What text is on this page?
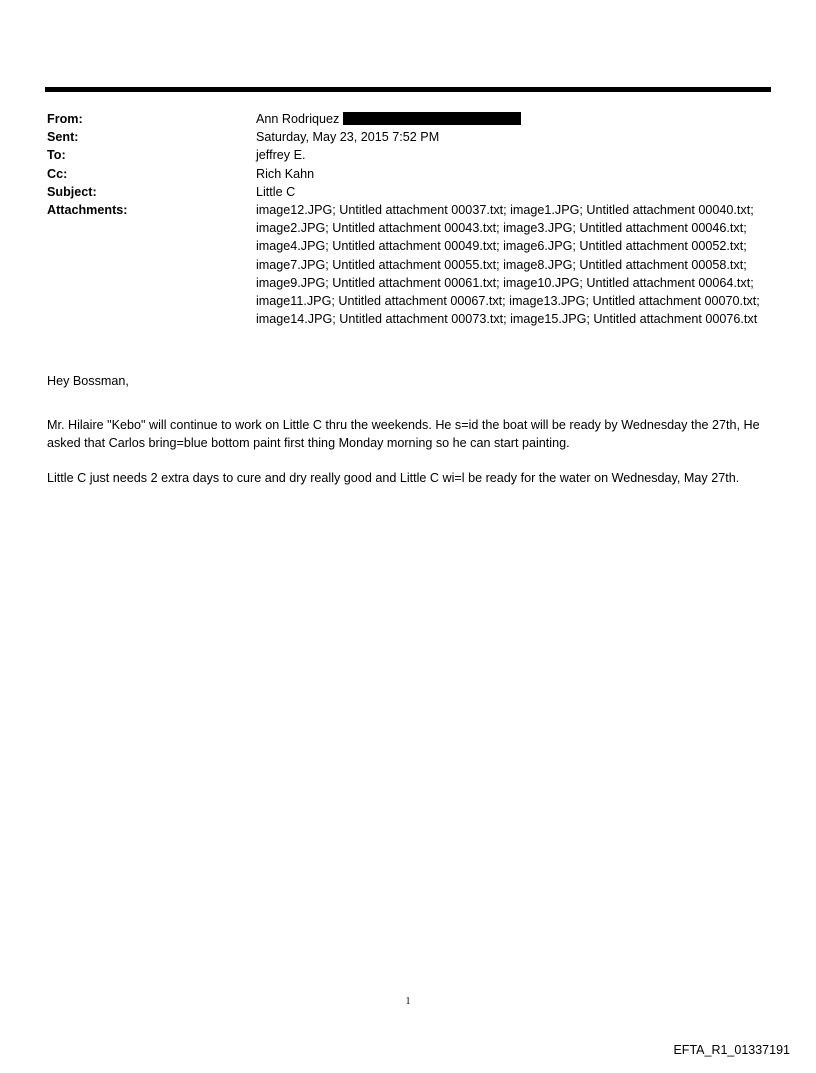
From:	Ann Rodriquez
Sent:	Saturday, May 23, 2015 7:52 PM
To:	jeffrey E.
Cc:	Rich Kahn
Subject:	Little C
Attachments:	image12.JPG; Untitled attachment 00037.txt; image1.JPG; Untitled attachment 00040.txt; image2.JPG; Untitled attachment 00043.txt; image3.JPG; Untitled attachment 00046.txt; image4.JPG; Untitled attachment 00049.txt; image6.JPG; Untitled attachment 00052.txt; image7.JPG; Untitled attachment 00055.txt; image8.JPG; Untitled attachment 00058.txt; image9.JPG; Untitled attachment 00061.txt; image10.JPG; Untitled attachment 00064.txt; image11.JPG; Untitled attachment 00067.txt; image13.JPG; Untitled attachment 00070.txt; image14.JPG; Untitled attachment 00073.txt; image15.JPG; Untitled attachment 00076.txt

Hey Bossman,

Mr. Hilaire "Kebo" will continue to work on Little C thru the weekends. He s=id the boat will be ready by Wednesday the 27th, He asked that Carlos bring=blue bottom paint first thing Monday morning so he can start painting.

Little C just needs 2 extra days to cure and dry really good and Little C wi=l be ready for the water on Wednesday, May 27th.

1
EFTA_R1_01337191
